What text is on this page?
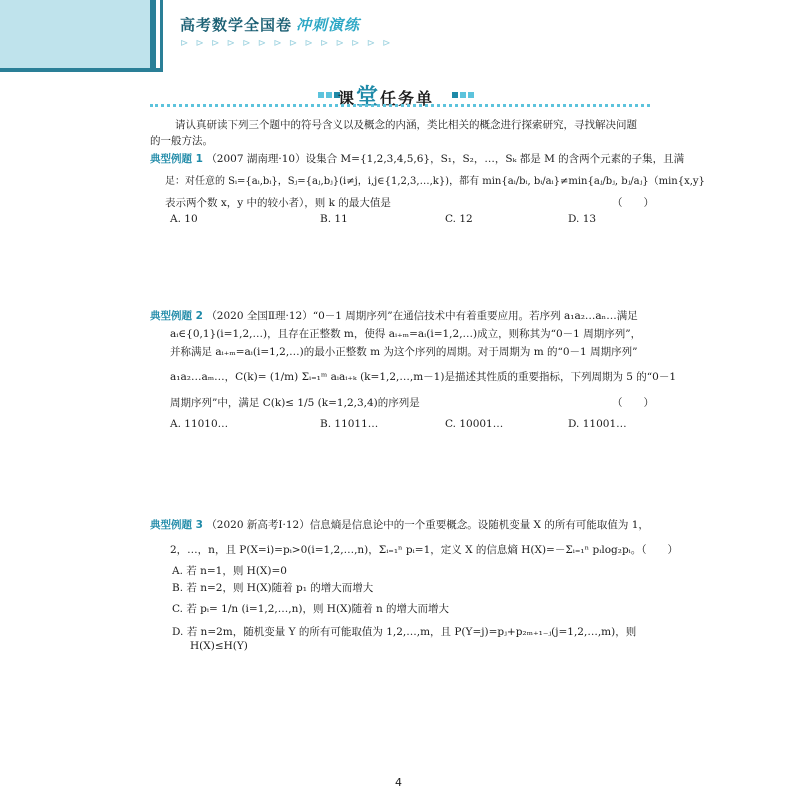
高考数学全国卷 冲刺演练
⊳ ⊳ ⊳ ⊳ ⊳ ⊳ ⊳ ⊳ ⊳ ⊳ ⊳ ⊳ ⊳ ⊳
课堂任务单
请认真研读下列三个题中的符号含义以及概念的内涵，类比相关的概念进行探索研究，寻找解决问题
的一般方法。
典型例题 1 （2007 湖南理·10）设集合 M={1,2,3,4,5,6}，S₁，S₂，…，Sₖ 都是 M 的含两个元素的子集，且满
足：对任意的 Sᵢ={aᵢ,bᵢ}，Sⱼ={aⱼ,bⱼ}(i≠j，i,j∈{1,2,3,…,k})，都有 min{aᵢ/bᵢ, bᵢ/aᵢ}≠min{aⱼ/bⱼ, bⱼ/aⱼ}（min{x,y}
表示两个数 x，y 中的较小者），则 k 的最大值是	（　　）
A. 10	B. 11	C. 12	D. 13
典型例题 2 （2020 全国Ⅱ理·12）“0－1 周期序列”在通信技术中有着重要应用。若序列 a₁a₂…aₙ…满足
aᵢ∈{0,1}(i=1,2,…)，且存在正整数 m，使得 aᵢ₊ₘ=aᵢ(i=1,2,…)成立，则称其为“0－1 周期序列”，
并称满足 aᵢ₊ₘ=aᵢ(i=1,2,…)的最小正整数 m 为这个序列的周期。对于周期为 m 的“0－1 周期序列”
a₁a₂…aₘ…，C(k)= (1/m) Σᵢ₌₁ᵐ aᵢaᵢ₊ₖ (k=1,2,…,m－1)是描述其性质的重要指标，下列周期为 5 的“0－1
周期序列”中，满足 C(k)≤ 1/5 (k=1,2,3,4)的序列是	（　　）
A. 11010…	B. 11011…	C. 10001…	D. 11001…
典型例题 3 （2020 新高考Ⅰ·12）信息熵是信息论中的一个重要概念。设随机变量 X 的所有可能取值为 1，
2，…，n，且 P(X=i)=pᵢ>0(i=1,2,…,n)，Σᵢ₌₁ⁿ pᵢ=1，定义 X 的信息熵 H(X)=－Σᵢ₌₁ⁿ pᵢlog₂pᵢ。（　　）
A. 若 n=1，则 H(X)=0
B. 若 n=2，则 H(X)随着 p₁ 的增大而增大
C. 若 pᵢ= 1/n (i=1,2,…,n)，则 H(X)随着 n 的增大而增大
D. 若 n=2m，随机变量 Y 的所有可能取值为 1,2,…,m，且 P(Y=j)=pⱼ+p₂ₘ₊₁₋ⱼ(j=1,2,…,m)，则
H(X)≤H(Y)
4
